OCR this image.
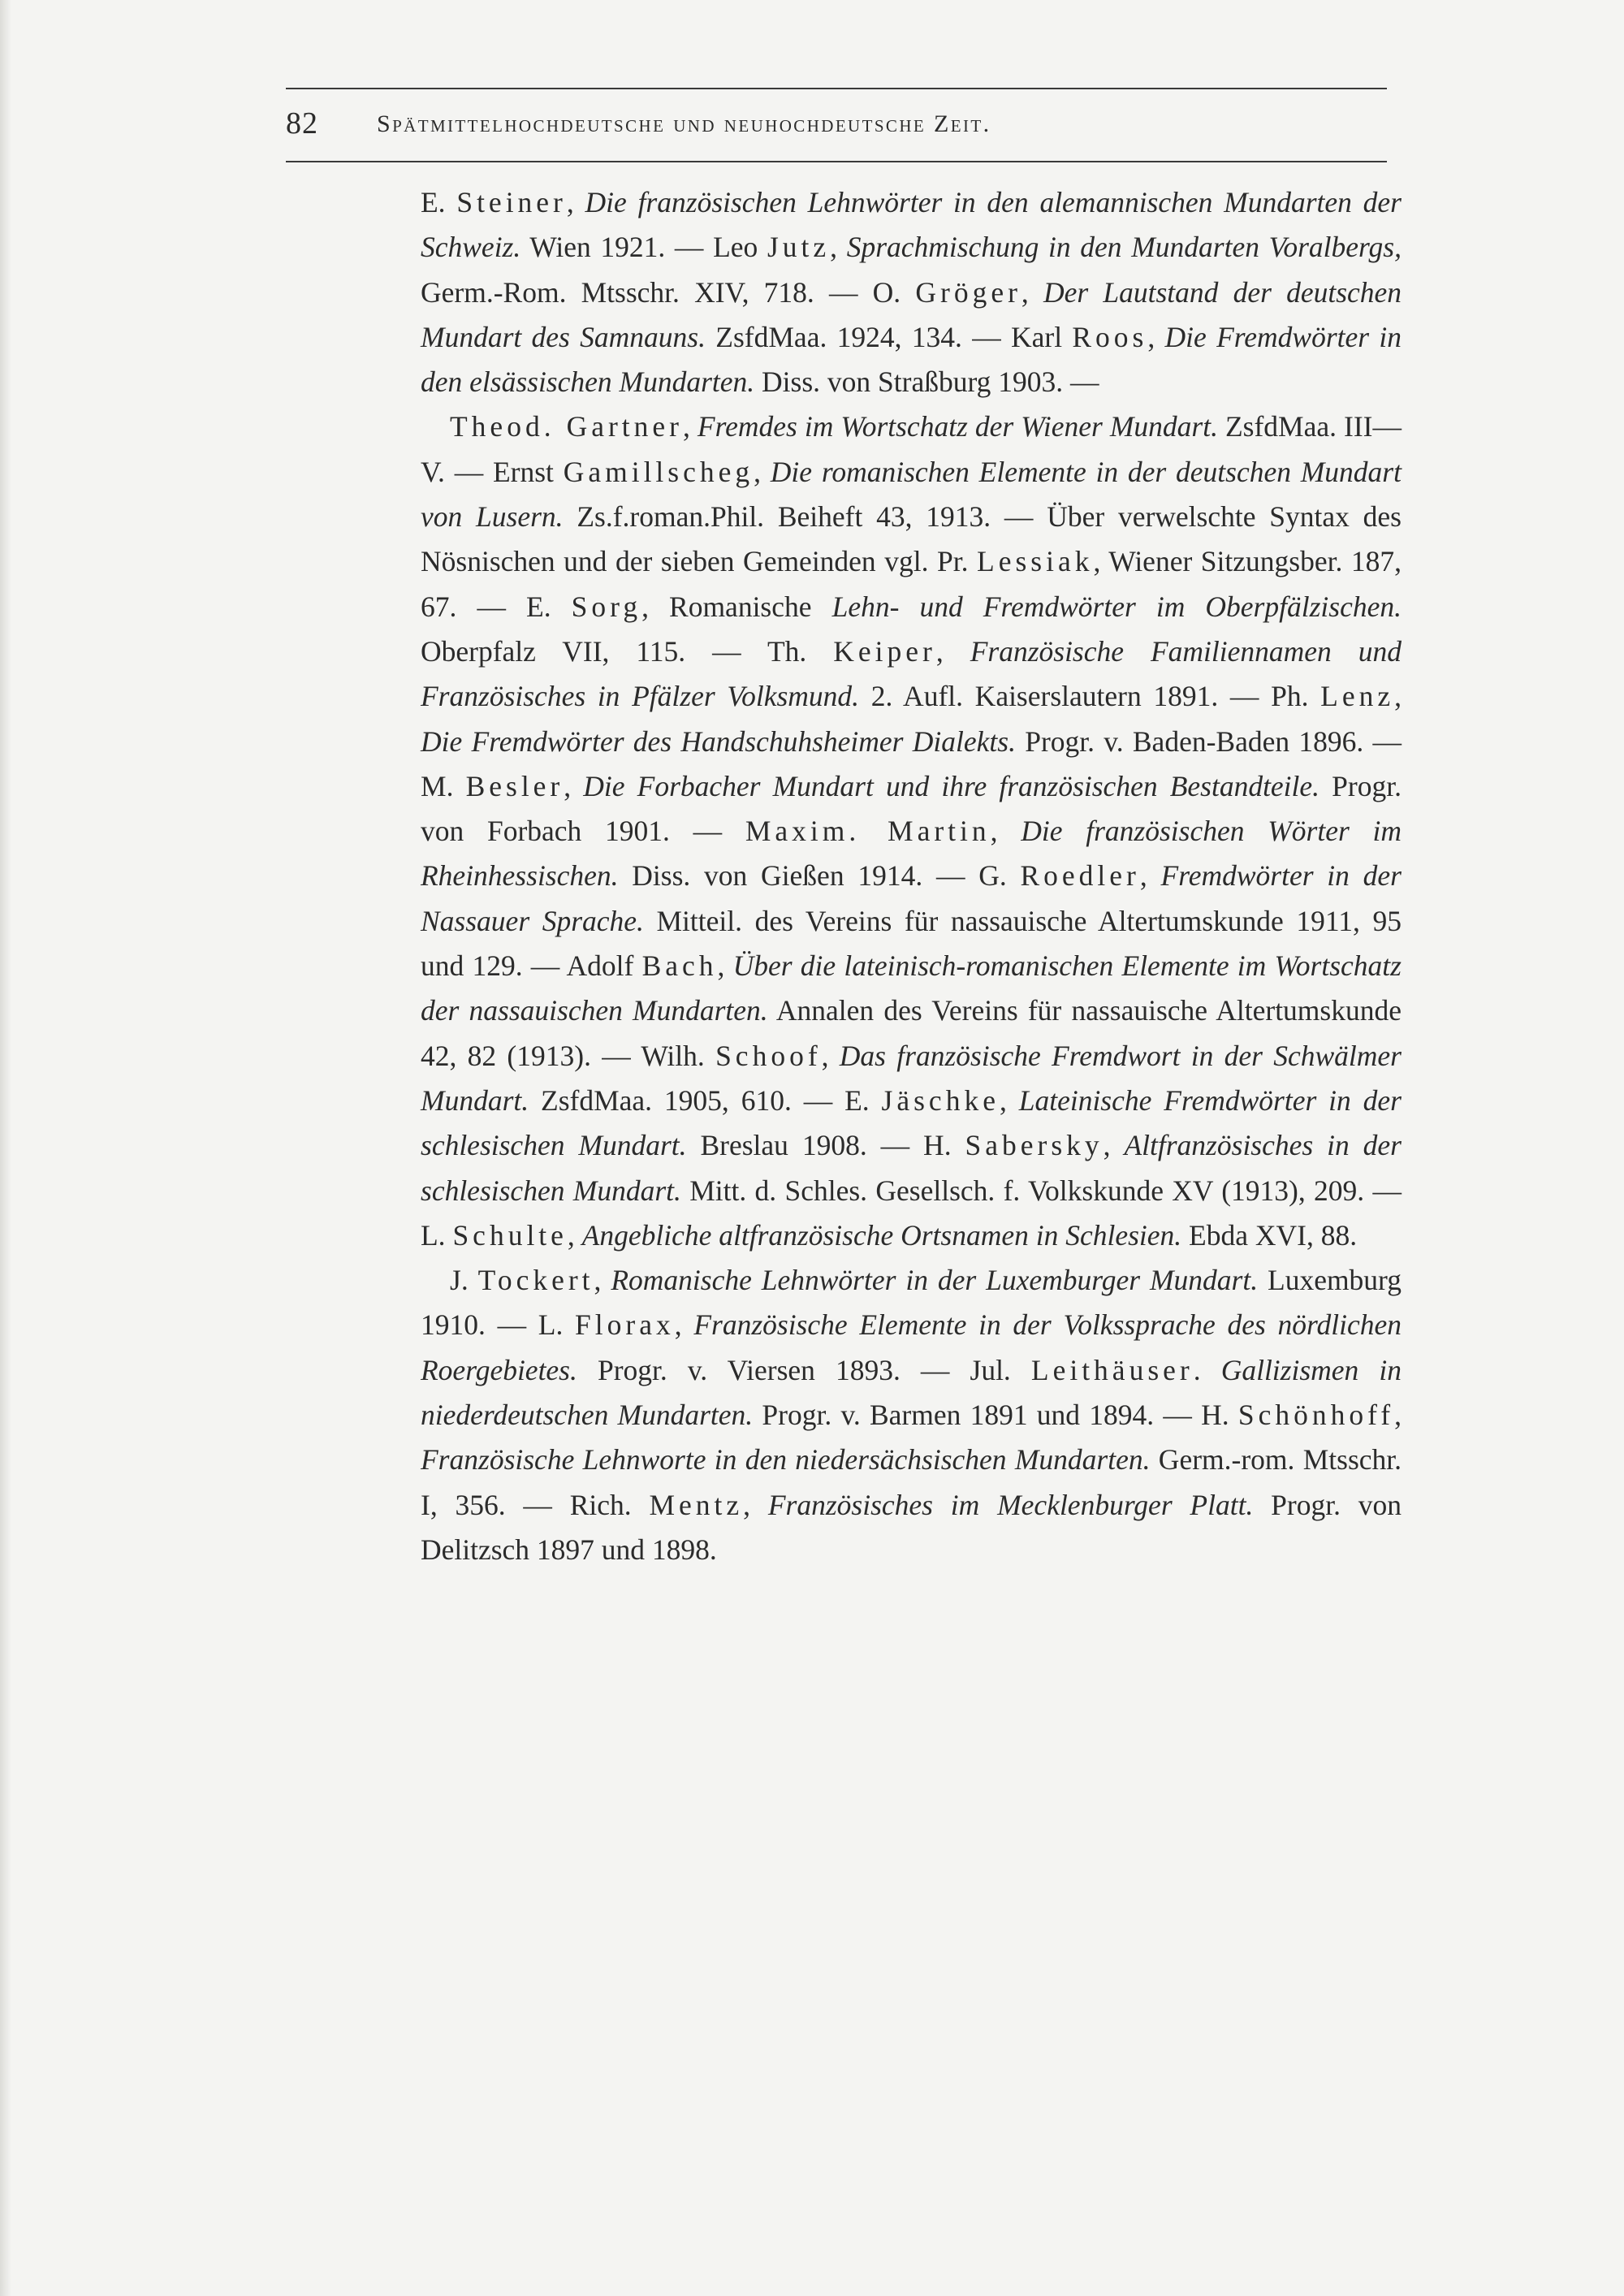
82 Spätmittelhochdeutsche und neuhochdeutsche Zeit.

E. Steiner, Die französischen Lehnwörter in den alemannischen Mundarten der Schweiz. Wien 1921. — Leo Jutz, Sprachmischung in den Mundarten Voralbergs, Germ.-Rom. Mtsschr. XIV, 718. — O. Gröger, Der Lautstand der deutschen Mundart des Samnauns. ZsfdMaa. 1924, 134. — Karl Roos, Die Fremdwörter in den elsässischen Mundarten. Diss. von Straßburg 1903. —

Theod. Gartner, Fremdes im Wortschatz der Wiener Mundart. ZsfdMaa. III—V. — Ernst Gamillscheg, Die romanischen Elemente in der deutschen Mundart von Lusern. Zs.f.roman.Phil. Beiheft 43, 1913. — Über verwelschte Syntax des Nösnischen und der sieben Gemeinden vgl. Pr. Lessiak, Wiener Sitzungsber. 187, 67. — E. Sorg, Romanische Lehn- und Fremdwörter im Oberpfälzischen. Oberpfalz VII, 115. — Th. Keiper, Französische Familiennamen und Französisches in Pfälzer Volksmund. 2. Aufl. Kaiserslautern 1891. — Ph. Lenz, Die Fremdwörter des Handschuhsheimer Dialekts. Progr. v. Baden-Baden 1896. — M. Besler, Die Forbacher Mundart und ihre französischen Bestandteile. Progr. von Forbach 1901. — Maxim. Martin, Die französischen Wörter im Rheinhessischen. Diss. von Gießen 1914. — G. Roedler, Fremdwörter in der Nassauer Sprache. Mitteil. des Vereins für nassauische Altertumskunde 1911, 95 und 129. — Adolf Bach, Über die lateinisch-romanischen Elemente im Wortschatz der nassauischen Mundarten. Annalen des Vereins für nassauische Altertumskunde 42, 82 (1913). — Wilh. Schoof, Das französische Fremdwort in der Schwälmer Mundart. ZsfdMaa. 1905, 610. — E. Jäschke, Lateinische Fremdwörter in der schlesischen Mundart. Breslau 1908. — H. Sabersky, Altfranzösisches in der schlesischen Mundart. Mitt. d. Schles. Gesellsch. f. Volkskunde XV (1913), 209. — L. Schulte, Angebliche altfranzösische Ortsnamen in Schlesien. Ebda XVI, 88.

J. Tockert, Romanische Lehnwörter in der Luxemburger Mundart. Luxemburg 1910. — L. Florax, Französische Elemente in der Volkssprache des nördlichen Roergebietes. Progr. v. Viersen 1893. — Jul. Leithäuser. Gallizismen in niederdeutschen Mundarten. Progr. v. Barmen 1891 und 1894. — H. Schönhoff, Französische Lehnworte in den niedersächsischen Mundarten. Germ.-rom. Mtsschr. I, 356. — Rich. Mentz, Französisches im Mecklenburger Platt. Progr. von Delitzsch 1897 und 1898.
